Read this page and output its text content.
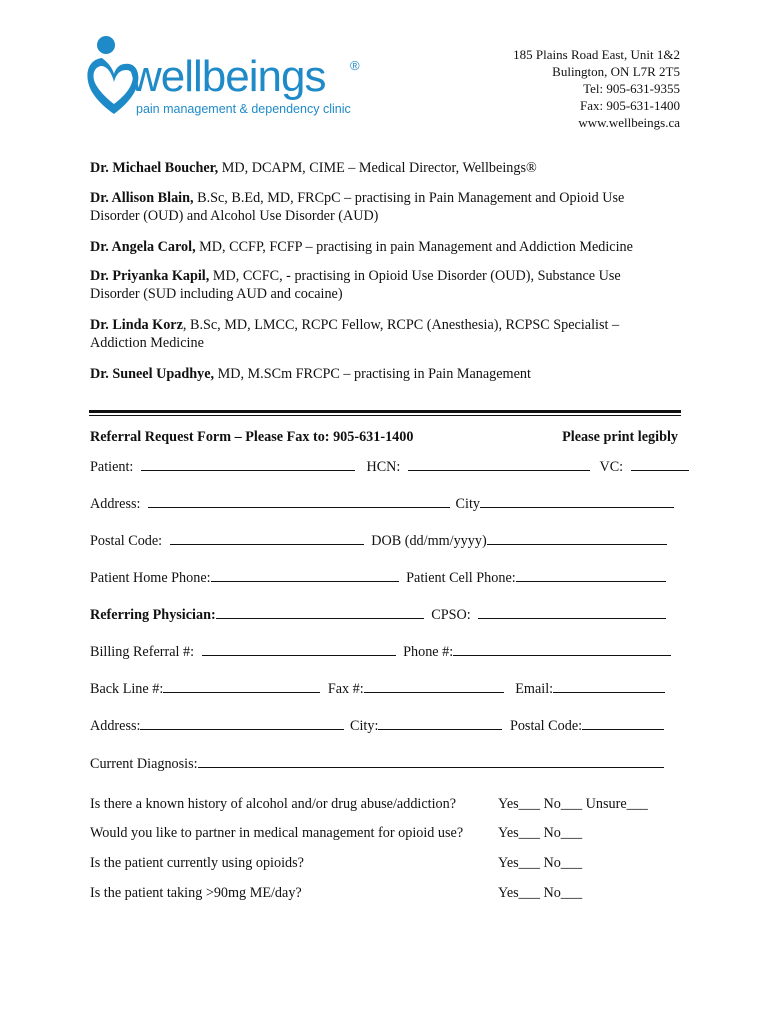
wellbeings ®
pain management & dependency clinic
185 Plains Road East, Unit 1&2
Bulington, ON L7R 2T5
Tel: 905-631-9355
Fax: 905-631-1400
www.wellbeings.ca
Dr. Michael Boucher, MD, DCAPM, CIME – Medical Director, Wellbeings®
Dr. Allison Blain, B.Sc, B.Ed, MD, FRCpC – practising in Pain Management and Opioid Use
Disorder (OUD) and Alcohol Use Disorder (AUD)
Dr. Angela Carol, MD, CCFP, FCFP – practising in pain Management and Addiction Medicine
Dr. Priyanka Kapil, MD, CCFC, - practising in Opioid Use Disorder (OUD), Substance Use
Disorder (SUD including AUD and cocaine)
Dr. Linda Korz, B.Sc, MD, LMCC, RCPC Fellow, RCPC (Anesthesia), RCPSC Specialist –
Addiction Medicine
Dr. Suneel Upadhye, MD, M.SCm FRCPC – practising in Pain Management
Referral Request Form – Please Fax to: 905-631-1400	Please print legibly
Patient:	HCN:	VC:
Address:	City
Postal Code:	DOB (dd/mm/yyyy)
Patient Home Phone:	Patient Cell Phone:
Referring Physician:	CPSO:
Billing Referral #:	Phone #:
Back Line #:	Fax #:	Email:
Address:	City:	Postal Code:
Current Diagnosis:
Is there a known history of alcohol and/or drug abuse/addiction?	Yes___ No___ Unsure___
Would you like to partner in medical management for opioid use? Yes___ No___
Is the patient currently using opioids?	Yes___ No___
Is the patient taking >90mg ME/day?	Yes___ No___
